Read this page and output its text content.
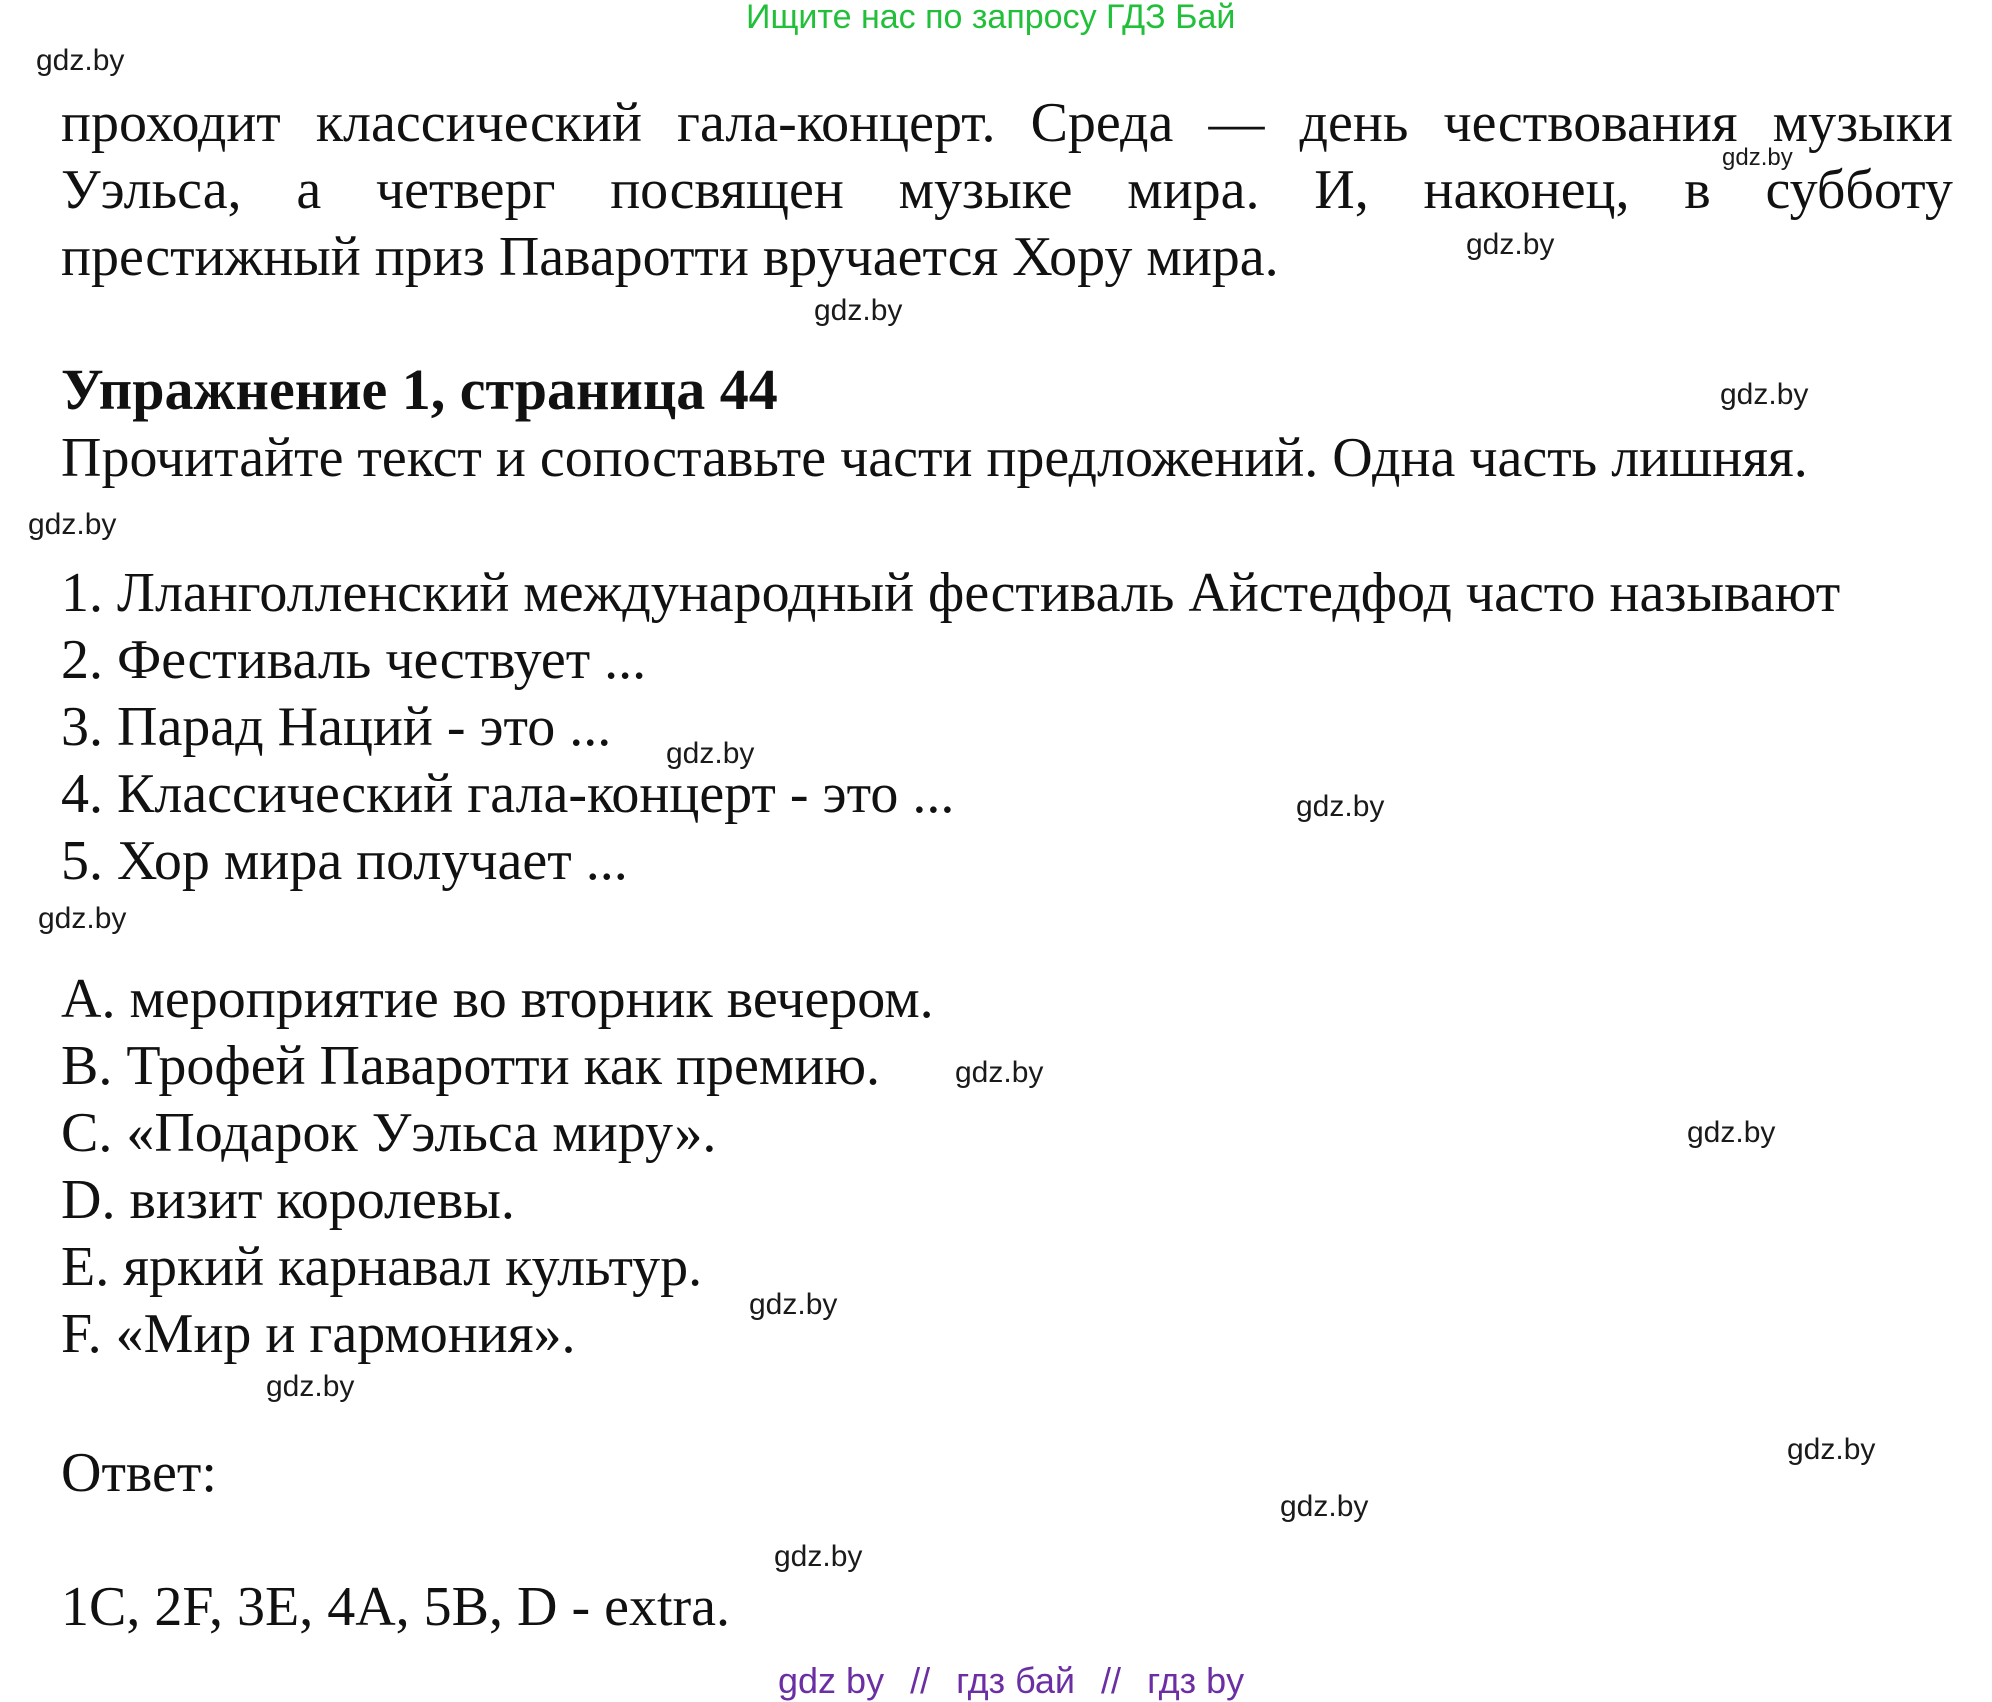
Ищите нас по запросу ГДЗ Бай
gdz.by
gdz.by
gdz.by
gdz.by
gdz.by
gdz.by
gdz.by
gdz.by
gdz.by
gdz.by
gdz.by
gdz.by
gdz.by
gdz.by
gdz.by
gdz.by
проходит классический гала-концерт. Среда — день чествования музыки
Уэльса, а четверг посвящен музыке мира. И, наконец, в субботу
престижный приз Паваротти вручается Хору мира.
Упражнение 1, страница 44
Прочитайте текст и сопоставьте части предложений. Одна часть лишняя.
1. Лланголленский международный фестиваль Айстедфод часто называют
2. Фестиваль чествует ...
3. Парад Наций - это ...
4. Классический гала-концерт - это ...
5. Хор мира получает ...
A. мероприятие во вторник вечером.
B. Трофей Паваротти как премию.
C. «Подарок Уэльса миру».
D. визит королевы.
E. яркий карнавал культур.
F. «Мир и гармония».
Ответ:
1C, 2F, 3E, 4A, 5B, D - extra.
gdz by // гдз бай // гдз by
